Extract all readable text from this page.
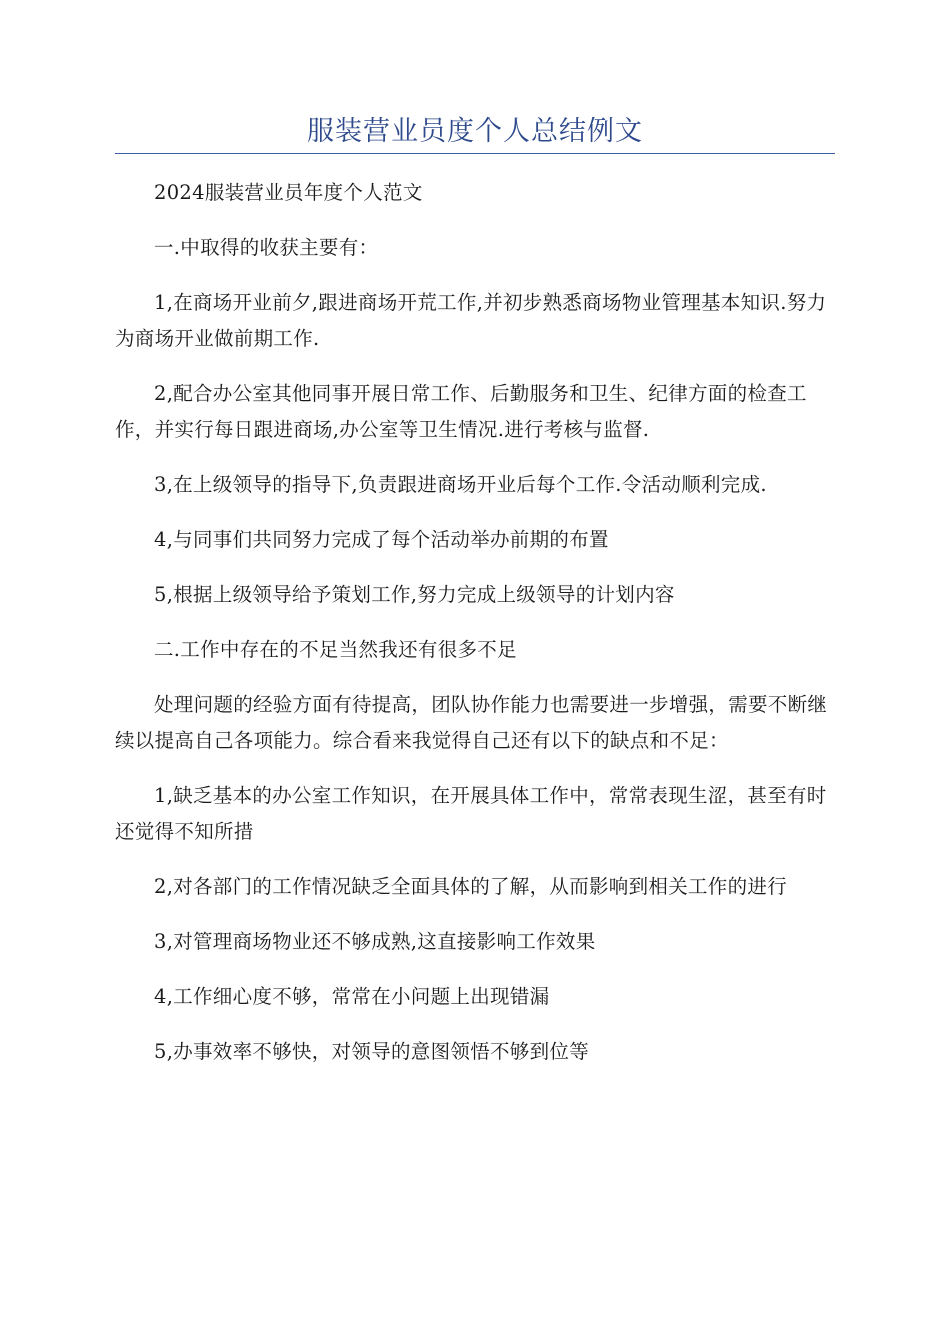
服装营业员度个人总结例文

2024服装营业员年度个人范文

一.中取得的收获主要有：

1,在商场开业前夕,跟进商场开荒工作,并初步熟悉商场物业管理基本知识.努力为商场开业做前期工作.

2,配合办公室其他同事开展日常工作、后勤服务和卫生、纪律方面的检查工作，并实行每日跟进商场,办公室等卫生情况.进行考核与监督.

3,在上级领导的指导下,负责跟进商场开业后每个工作.令活动顺利完成.

4,与同事们共同努力完成了每个活动举办前期的布置

5,根据上级领导给予策划工作,努力完成上级领导的计划内容

二.工作中存在的不足当然我还有很多不足

处理问题的经验方面有待提高，团队协作能力也需要进一步增强，需要不断继续以提高自己各项能力。综合看来我觉得自己还有以下的缺点和不足：

1,缺乏基本的办公室工作知识，在开展具体工作中，常常表现生涩，甚至有时还觉得不知所措

2,对各部门的工作情况缺乏全面具体的了解，从而影响到相关工作的进行

3,对管理商场物业还不够成熟,这直接影响工作效果

4,工作细心度不够，常常在小问题上出现错漏

5,办事效率不够快，对领导的意图领悟不够到位等
